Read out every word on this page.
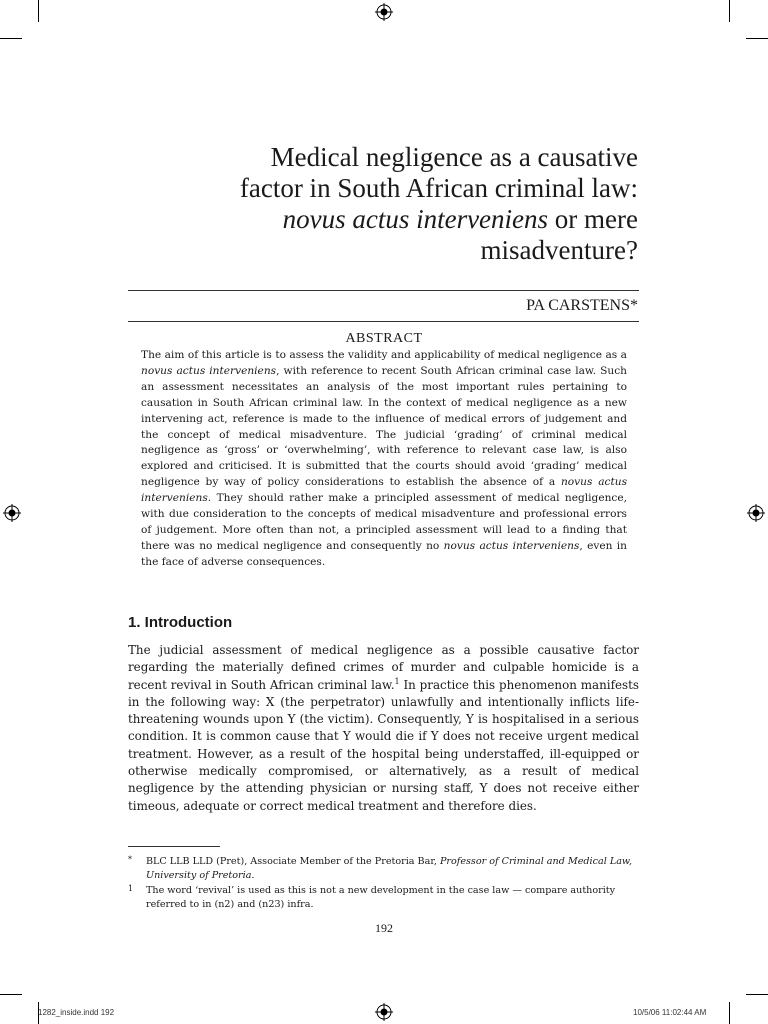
Medical negligence as a causative
factor in South African criminal law:
novus actus interveniens or mere
misadventure?
PA CARSTENS*
ABSTRACT

The aim of this article is to assess the validity and applicability of medical negligence as a novus actus interveniens, with reference to recent South African criminal case law. Such an assessment necessitates an analysis of the most important rules pertaining to causation in South African criminal law. In the context of medical negligence as a new intervening act, reference is made to the influence of medical errors of judgement and the concept of medical misadventure. The judicial ‘grading’ of criminal medical negligence as ‘gross’ or ‘overwhelming’, with reference to relevant case law, is also explored and criticised. It is submitted that the courts should avoid ‘grading’ medical negligence by way of policy considerations to establish the absence of a novus actus interveniens. They should rather make a principled assessment of medical negligence, with due consideration to the concepts of medical misadventure and professional errors of judgement. More often than not, a principled assessment will lead to a finding that there was no medical negligence and consequently no novus actus interveniens, even in the face of adverse consequences.

1. Introduction

The judicial assessment of medical negligence as a possible causative factor regarding the materially defined crimes of murder and culpable homicide is a recent revival in South African criminal law.$^1$ In practice this phenomenon manifests in the following way: X (the perpetrator) unlawfully and intentionally inflicts life-threatening wounds upon Y (the victim). Consequently, Y is hospitalised in a serious condition. It is common cause that Y would die if Y does not receive urgent medical treatment. However, as a result of the hospital being understaffed, ill-equipped or otherwise medically compromised, or alternatively, as a result of medical negligence by the attending physician or nursing staff, Y does not receive either timeous, adequate or correct medical treatment and therefore dies.

* BLC LLB LLD (Pret), Associate Member of the Pretoria Bar, Professor of Criminal and Medical Law, University of Pretoria.
1 The word ‘revival’ is used as this is not a new development in the case law — compare authority referred to in (n2) and (n23) infra.
192
1282_inside.indd 192	10/5/06 11:02:44 AM
